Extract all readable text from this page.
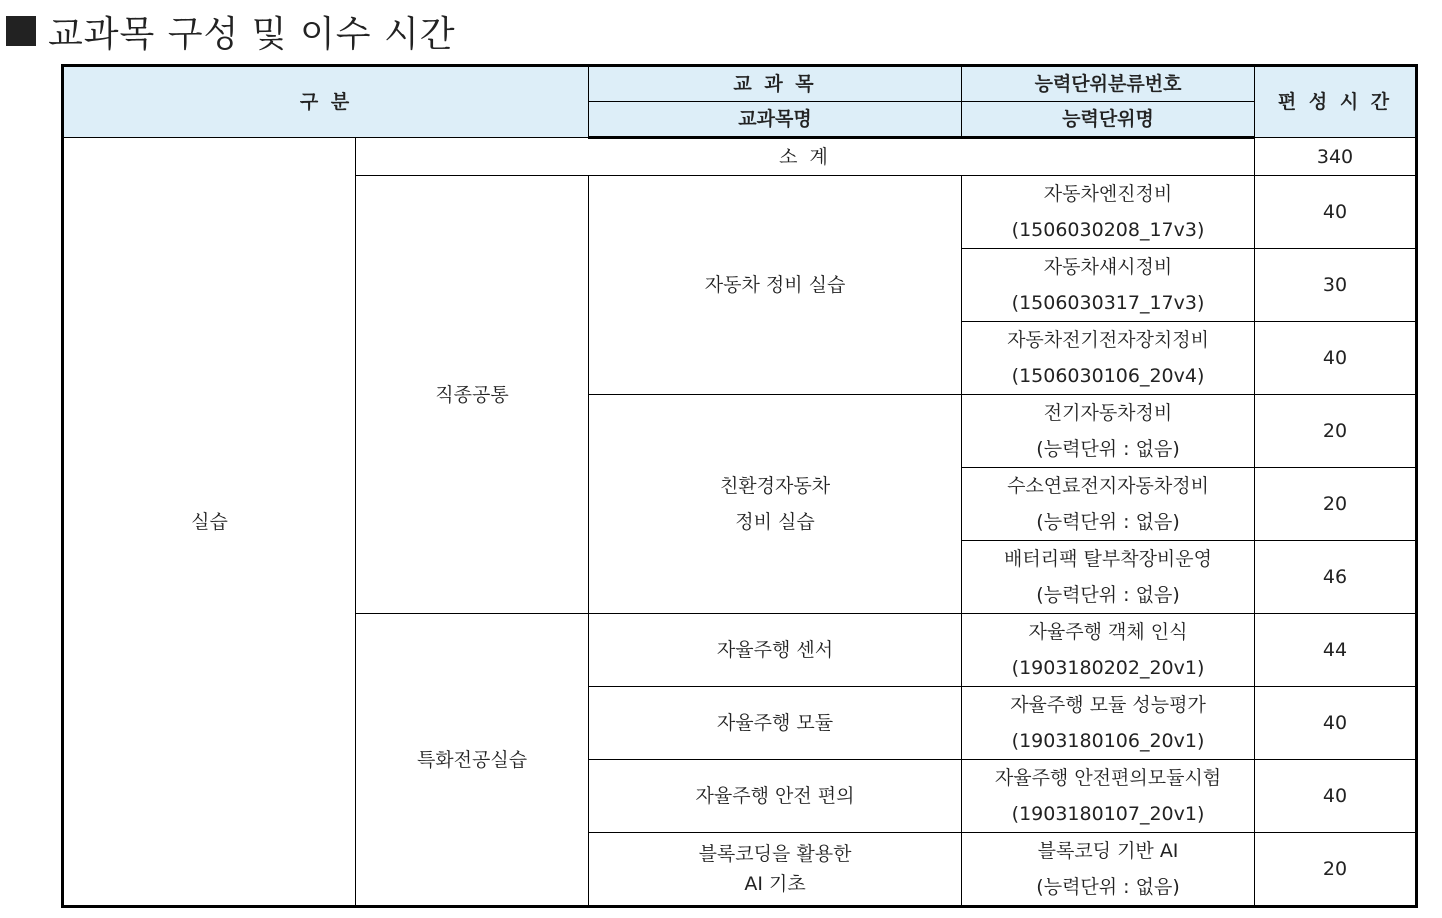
교과목 구성 및 이수 시간
구 분		교 과 목	능력단위분류번호	편 성 시 간
		교과목명	능력단위명	
실습	소 계			340
	직종공통	자동차 정비 실습	자동차엔진정비
(1506030208_17v3)	40

			자동차섀시정비
(1506030317_17v3)	30

			자동차전기전자장치정비
(1506030106_20v4)	40

		친환경자동차
정비 실습	전기자동차정비
(능력단위 : 없음)	20

			수소연료전지자동차정비
(능력단위 : 없음)	20

			배터리팩 탈부착장비운영
(능력단위 : 없음)	46
	특화전공실습	자율주행 센서	자율주행 객체 인식
(1903180202_20v1)	44

		자율주행 모듈	자율주행 모듈 성능평가
(1903180106_20v1)	40

		자율주행 안전 편의	자율주행 안전편의모듈시험
(1903180107_20v1)	40

		블록코딩을 활용한
AI 기초	블록코딩 기반 AI
(능력단위 : 없음)	20
